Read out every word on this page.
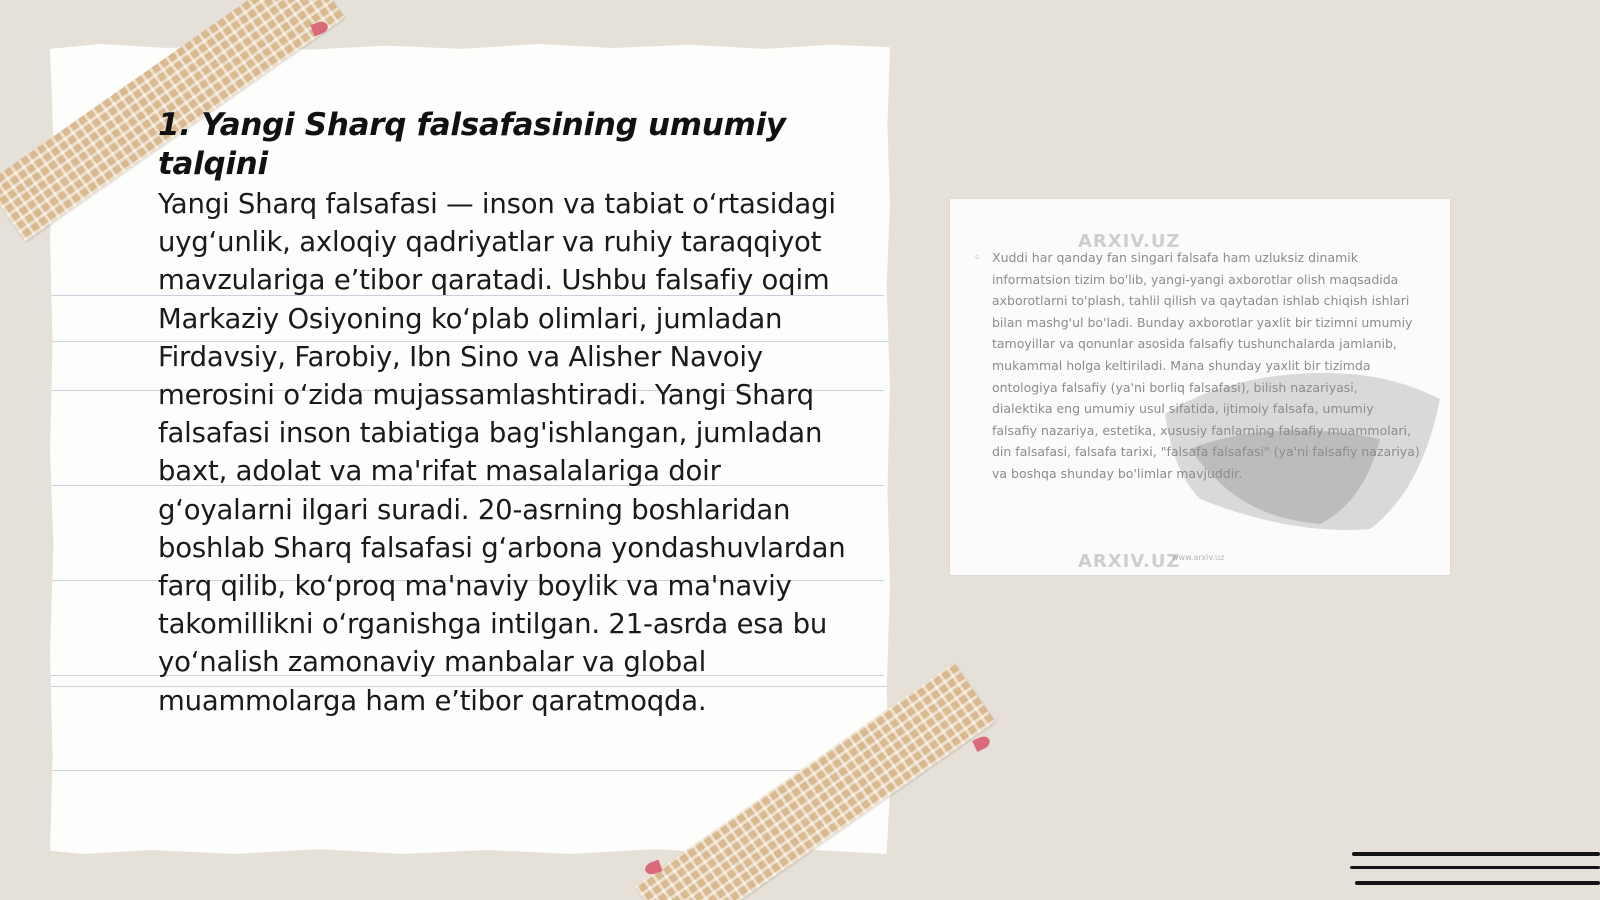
1. Yangi Sharq falsafasining umumiy talqini

Yangi Sharq falsafasi — inson va tabiat o‘rtasidagi uyg‘unlik, axloqiy qadriyatlar va ruhiy taraqqiyot mavzulariga e’tibor qaratadi. Ushbu falsafiy oqim Markaziy Osiyoning ko‘plab olimlari, jumladan Firdavsiy, Farobiy, Ibn Sino va Alisher Navoiy merosini o‘zida mujassamlashtiradi. Yangi Sharq falsafasi inson tabiatiga bag'ishlangan, jumladan baxt, adolat va ma'rifat masalalariga doir g‘oyalarni ilgari suradi. 20-asrning boshlaridan boshlab Sharq falsafasi g‘arbona yondashuvlardan farq qilib, ko‘proq ma'naviy boylik va ma'naviy takomillikni o‘rganishga intilgan. 21-asrda esa bu yo‘nalish zamonaviy manbalar va global muammolarga ham e’tibor qaratmoqda.

ARXIV.UZ
ARXIV.UZ
www.arxiv.uz
◦ Xuddi har qanday fan singari falsafa ham uzluksiz dinamik informatsion tizim bo'lib, yangi-yangi axborotlar olish maqsadida axborotlarni to'plash, tahlil qilish va qaytadan ishlab chiqish ishlari bilan mashg'ul bo'ladi. Bunday axborotlar yaxlit bir tizimni umumiy tamoyillar va qonunlar asosida falsafiy tushunchalarda jamlanib, mukammal holga keltiriladi. Mana shunday yaxlit bir tizimda ontologiya falsafiy (ya'ni borliq falsafasi), bilish nazariyasi, dialektika eng umumiy usul sifatida, ijtimoiy falsafa, umumiy falsafiy nazariya, estetika, xususiy fanlarning falsafiy muammolari, din falsafasi, falsafa tarixi, "falsafa falsafasi" (ya'ni falsafiy nazariya) va boshqa shunday bo'limlar mavjuddir.
